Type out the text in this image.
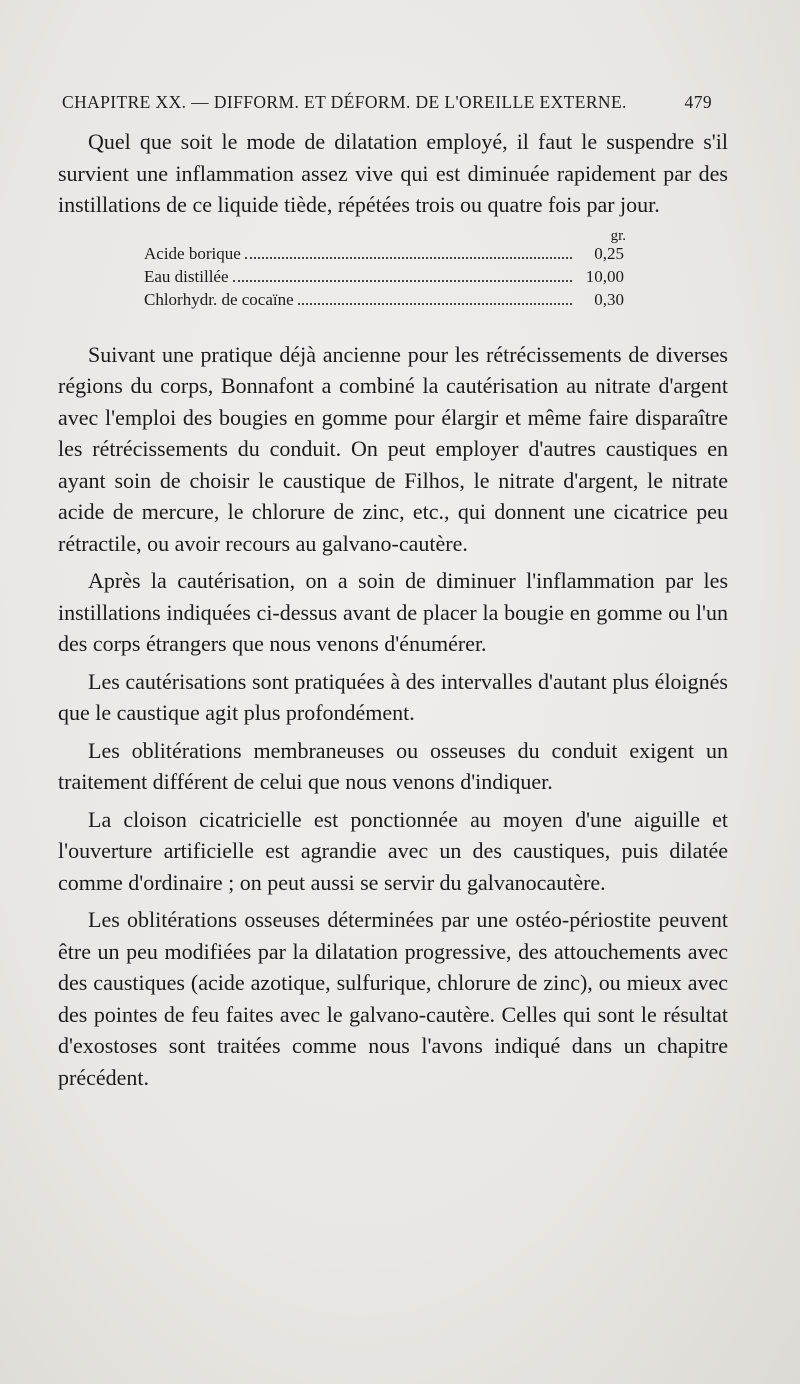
CHAPITRE XX. — DIFFORM. ET DÉFORM. DE L'OREILLE EXTERNE.	479

Quel que soit le mode de dilatation employé, il faut le suspendre s'il survient une inflammation assez vive qui est diminuée rapidement par des instillations de ce liquide tiède, répétées trois ou quatre fois par jour.

gr.
Acide borique	0,25
Eau distillée	10,00
Chlorhydr. de cocaïne	0,30

Suivant une pratique déjà ancienne pour les rétrécissements de diverses régions du corps, Bonnafont a combiné la cautérisation au nitrate d'argent avec l'emploi des bougies en gomme pour élargir et même faire disparaître les rétrécissements du conduit. On peut employer d'autres caustiques en ayant soin de choisir le caustique de Filhos, le nitrate d'argent, le nitrate acide de mercure, le chlorure de zinc, etc., qui donnent une cicatrice peu rétractile, ou avoir recours au galvano-cautère.

Après la cautérisation, on a soin de diminuer l'inflammation par les instillations indiquées ci-dessus avant de placer la bougie en gomme ou l'un des corps étrangers que nous venons d'énumérer.

Les cautérisations sont pratiquées à des intervalles d'autant plus éloignés que le caustique agit plus profondément.

Les oblitérations membraneuses ou osseuses du conduit exigent un traitement différent de celui que nous venons d'indiquer.

La cloison cicatricielle est ponctionnée au moyen d'une aiguille et l'ouverture artificielle est agrandie avec un des caustiques, puis dilatée comme d'ordinaire ; on peut aussi se servir du galvanocautère.

Les oblitérations osseuses déterminées par une ostéo-périostite peuvent être un peu modifiées par la dilatation progressive, des attouchements avec des caustiques (acide azotique, sulfurique, chlorure de zinc), ou mieux avec des pointes de feu faites avec le galvano-cautère. Celles qui sont le résultat d'exostoses sont traitées comme nous l'avons indiqué dans un chapitre précédent.
